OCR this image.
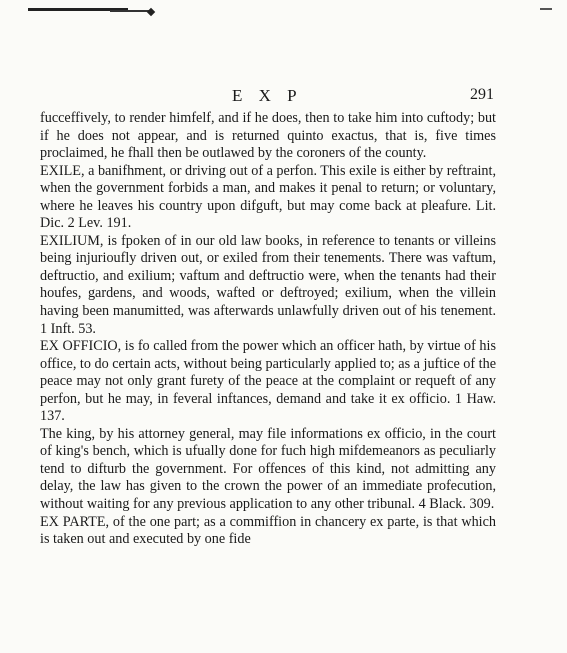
E X P	291

fucceffively, to render himfelf, and if he does, then to take him into cuftody; but if he does not appear, and is returned quinto exactus, that is, five times proclaimed, he fhall then be outlawed by the coroners of the county.

EXILE, a banifhment, or driving out of a perfon. This exile is either by reftraint, when the government forbids a man, and makes it penal to return; or voluntary, where he leaves his country upon difguft, but may come back at pleafure. Lit. Dic. 2 Lev. 191.

EXILIUM, is fpoken of in our old law books, in reference to tenants or villeins being injurioufly driven out, or exiled from their tenements. There was vaftum, deftructio, and exilium; vaftum and deftructio were, when the tenants had their houfes, gardens, and woods, wafted or deftroyed; exilium, when the villein having been manumitted, was afterwards unlawfully driven out of his tenement. 1 Inft. 53.

EX OFFICIO, is fo called from the power which an officer hath, by virtue of his office, to do certain acts, without being particularly applied to; as a juftice of the peace may not only grant furety of the peace at the complaint or requeft of any perfon, but he may, in feveral inftances, demand and take it ex officio. 1 Haw. 137.

The king, by his attorney general, may file informations ex officio, in the court of king's bench, which is ufually done for fuch high mifdemeanors as peculiarly tend to difturb the government. For offences of this kind, not admitting any delay, the law has given to the crown the power of an immediate profecution, without waiting for any previous application to any other tribunal. 4 Black. 309.

EX PARTE, of the one part; as a commiffion in chancery ex parte, is that which is taken out and executed by one fide
